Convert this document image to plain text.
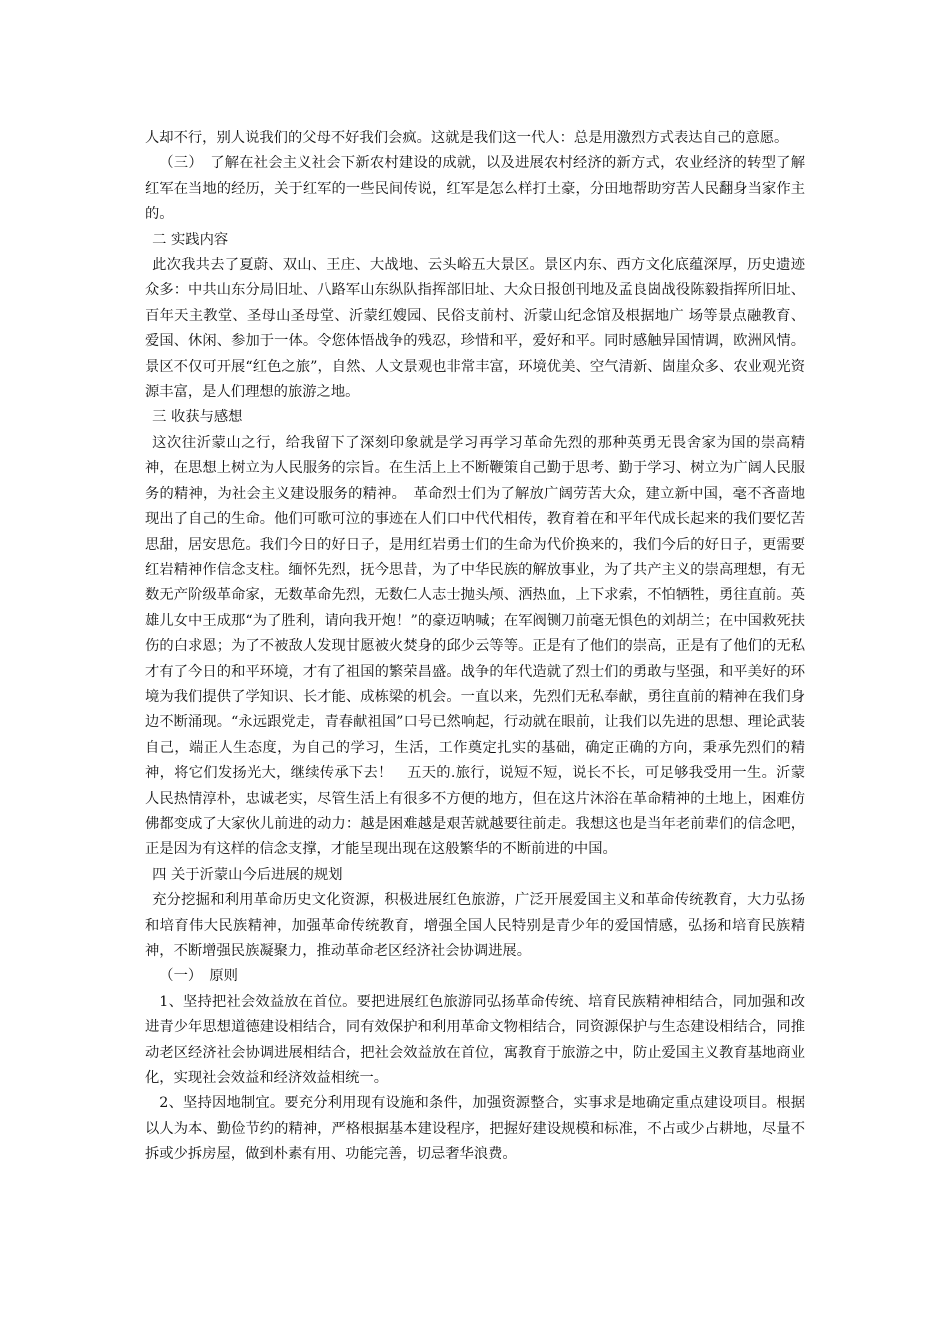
人却不行，别人说我们的父母不好我们会疯。这就是我们这一代人：总是用激烈方式表达自己的意愿。

（三）　了解在社会主义社会下新农村建设的成就，以及进展农村经济的新方式，农业经济的转型了解红军在当地的经历，关于红军的一些民间传说，红军是怎么样打土豪，分田地帮助穷苦人民翻身当家作主的。

二 实践内容

此次我共去了夏蔚、双山、王庄、大战地、云头峪五大景区。景区内东、西方文化底蕴深厚，历史遗迹众多：中共山东分局旧址、八路军山东纵队指挥部旧址、大众日报创刊地及孟良崮战役陈毅指挥所旧址、百年天主教堂、圣母山圣母堂、沂蒙红嫂园、民俗支前村、沂蒙山纪念馆及根据地广 场等景点融教育、爱国、休闲、参加于一体。令您体悟战争的残忍，珍惜和平，爱好和平。同时感触异国情调，欧洲风情。景区不仅可开展“红色之旅”，自然、人文景观也非常丰富，环境优美、空气清新、崮崖众多、农业观光资源丰富，是人们理想的旅游之地。

三 收获与感想

这次往沂蒙山之行，给我留下了深刻印象就是学习再学习革命先烈的那种英勇无畏舍家为国的崇高精神，在思想上树立为人民服务的宗旨。在生活上上不断鞭策自己勤于思考、勤于学习、树立为广阔人民服务的精神，为社会主义建设服务的精神。　革命烈士们为了解放广阔劳苦大众，建立新中国，毫不吝啬地现出了自己的生命。他们可歌可泣的事迹在人们口中代代相传，教育着在和平年代成长起来的我们要忆苦思甜，居安思危。我们今日的好日子，是用红岩勇士们的生命为代价换来的，我们今后的好日子，更需要红岩精神作信念支柱。缅怀先烈，抚今思昔，为了中华民族的解放事业，为了共产主义的崇高理想，有无数无产阶级革命家，无数革命先烈，无数仁人志士抛头颅、洒热血，上下求索，不怕牺牲，勇往直前。英雄儿女中王成那“为了胜利，请向我开炮！”的豪迈呐喊；在军阀铡刀前毫无惧色的刘胡兰；在中国救死扶伤的白求恩；为了不被敌人发现甘愿被火焚身的邱少云等等。正是有了他们的崇高，正是有了他们的无私才有了今日的和平环境，才有了祖国的繁荣昌盛。战争的年代造就了烈士们的勇敢与坚强，和平美好的环境为我们提供了学知识、长才能、成栋梁的机会。一直以来，先烈们无私奉献，勇往直前的精神在我们身边不断涌现。“永远跟党走，青春献祖国”口号已然响起，行动就在眼前，让我们以先进的思想、理论武装自己，端正人生态度，为自己的学习，生活，工作奠定扎实的基础，确定正确的方向，秉承先烈们的精神，将它们发扬光大，继续传承下去！　五天的.旅行，说短不短，说长不长，可足够我受用一生。沂蒙人民热情淳朴，忠诚老实，尽管生活上有很多不方便的地方，但在这片沐浴在革命精神的土地上，困难仿佛都变成了大家伙儿前进的动力：越是困难越是艰苦就越要往前走。我想这也是当年老前辈们的信念吧，正是因为有这样的信念支撑，才能呈现出现在这般繁华的不断前进的中国。

四 关于沂蒙山今后进展的规划

充分挖掘和利用革命历史文化资源，积极进展红色旅游，广泛开展爱国主义和革命传统教育，大力弘扬和培育伟大民族精神，加强革命传统教育，增强全国人民特别是青少年的爱国情感，弘扬和培育民族精神，不断增强民族凝聚力，推动革命老区经济社会协调进展。

（一）　原则

1、坚持把社会效益放在首位。要把进展红色旅游同弘扬革命传统、培育民族精神相结合，同加强和改进青少年思想道德建设相结合，同有效保护和利用革命文物相结合，同资源保护与生态建设相结合，同推动老区经济社会协调进展相结合，把社会效益放在首位，寓教育于旅游之中，防止爱国主义教育基地商业化，实现社会效益和经济效益相统一。

2、坚持因地制宜。要充分利用现有设施和条件，加强资源整合，实事求是地确定重点建设项目。根据以人为本、勤俭节约的精神，严格根据基本建设程序，把握好建设规模和标准，不占或少占耕地，尽量不拆或少拆房屋，做到朴素有用、功能完善，切忌奢华浪费。
